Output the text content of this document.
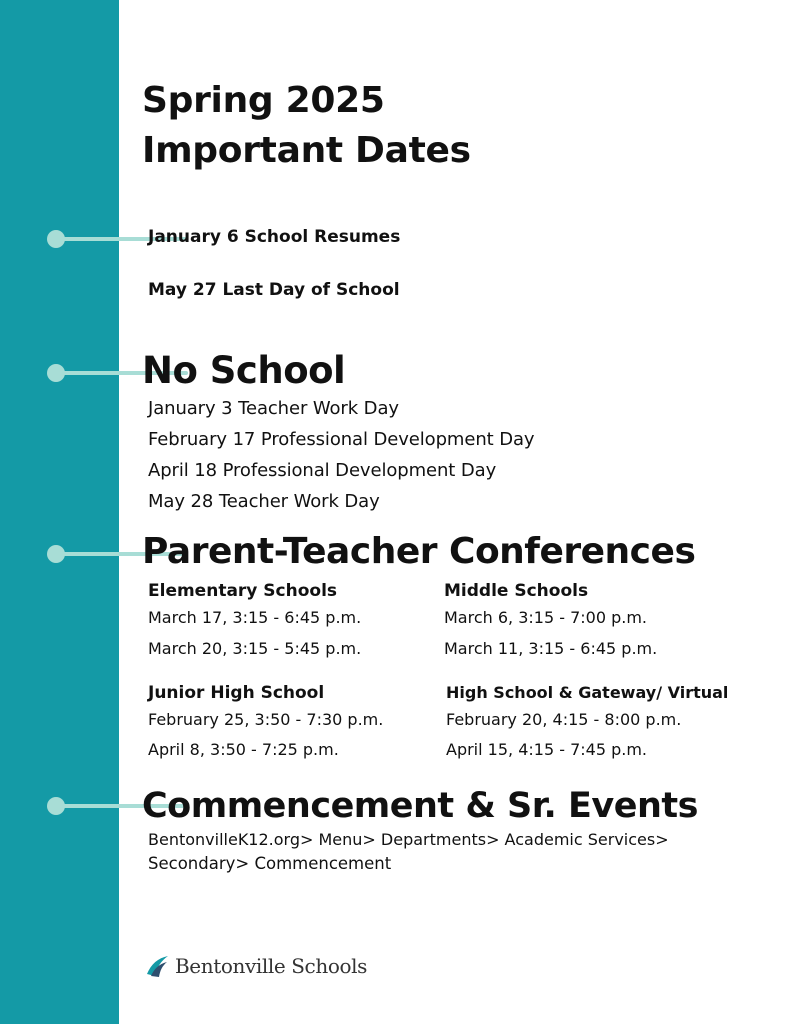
Spring 2025
Important Dates
January 6 School Resumes
May 27 Last Day of School
No School
January 3 Teacher Work Day
February 17 Professional Development Day
April 18 Professional Development Day
May 28 Teacher Work Day
Parent-Teacher Conferences
Elementary Schools
March 17, 3:15 - 6:45 p.m.
March 20, 3:15 - 5:45 p.m.
Middle Schools
March 6, 3:15 - 7:00 p.m.
March 11, 3:15 - 6:45 p.m.
Junior High School
February 25, 3:50 - 7:30 p.m.
April 8, 3:50 - 7:25 p.m.
High School & Gateway/ Virtual
February 20, 4:15 - 8:00 p.m.
April 15, 4:15 - 7:45 p.m.
Commencement & Sr. Events
BentonvilleK12.org> Menu> Departments> Academic Services>
Secondary> Commencement
Bentonville Schools
